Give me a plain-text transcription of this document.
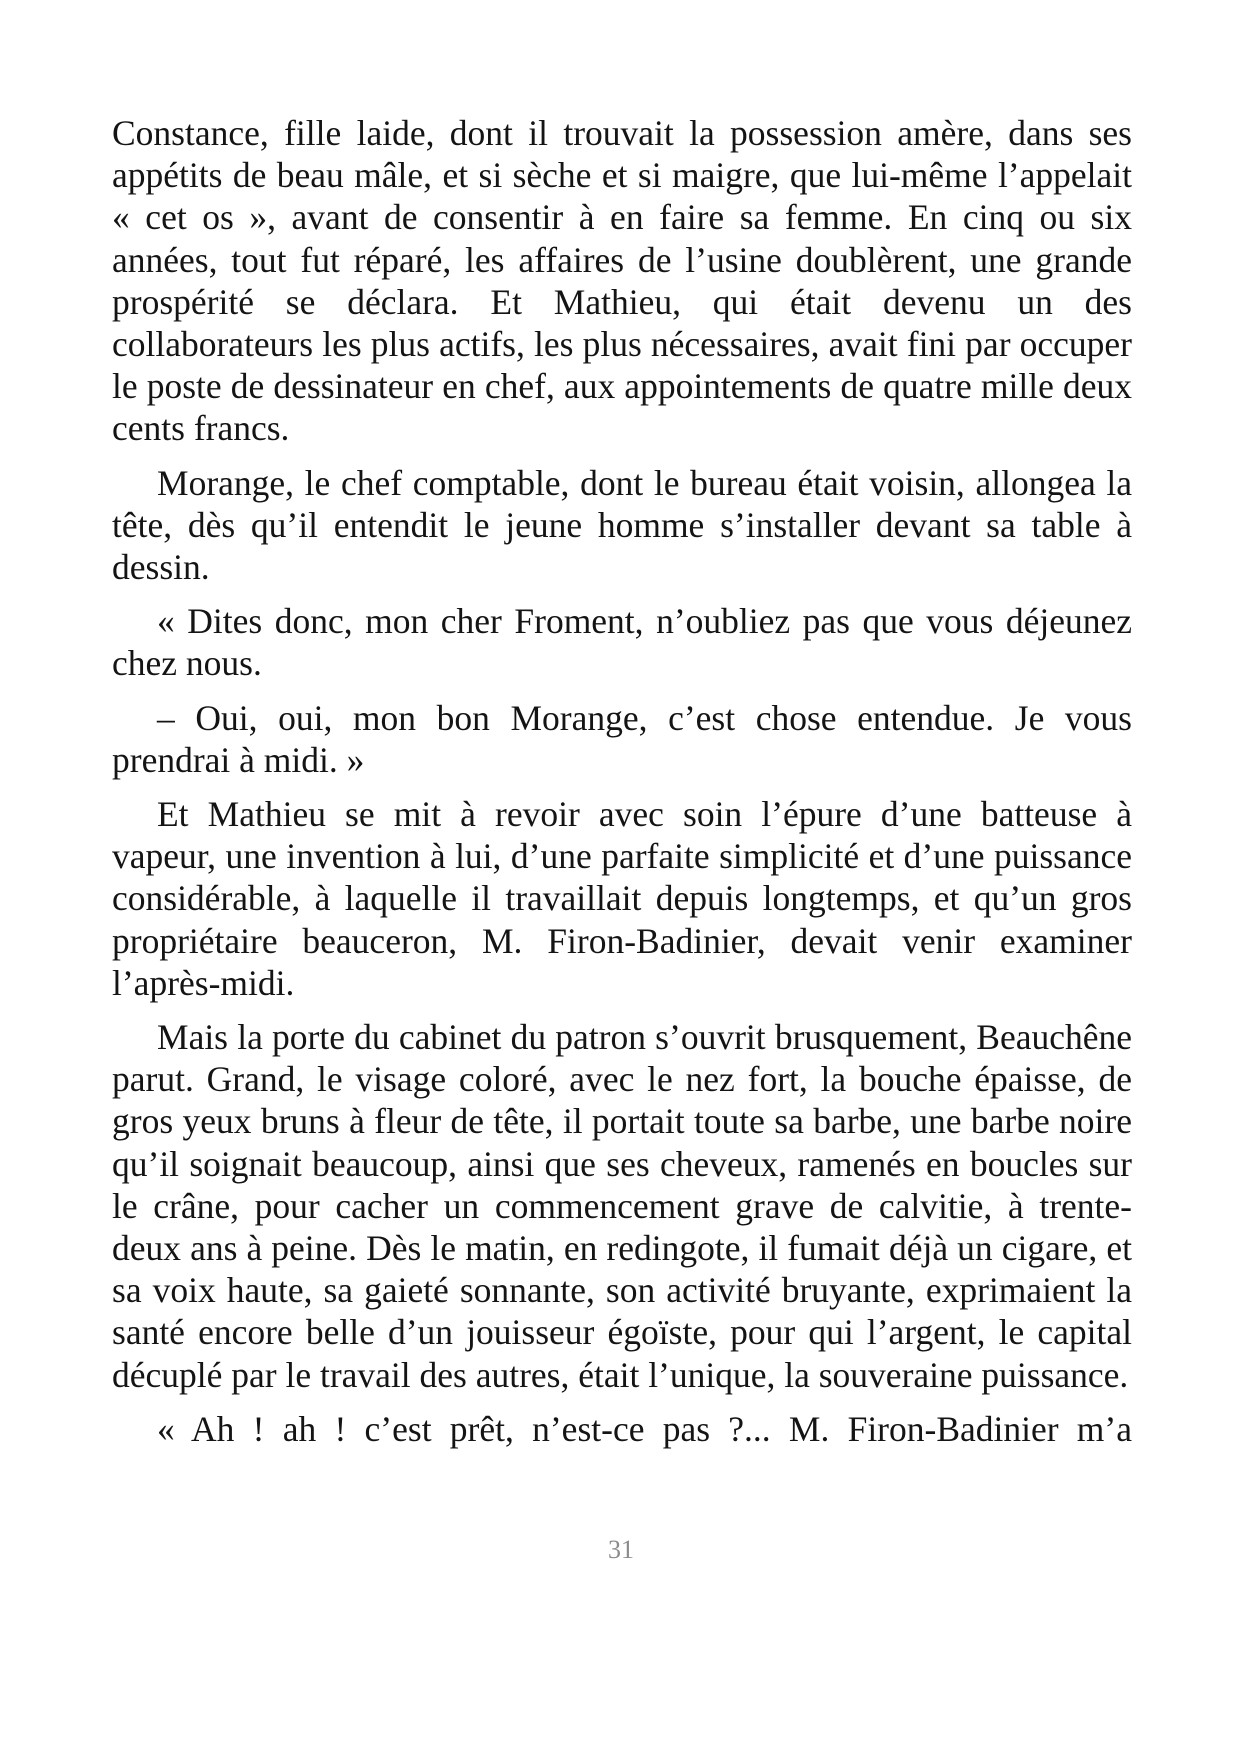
Constance, fille laide, dont il trouvait la possession amère, dans ses appétits de beau mâle, et si sèche et si maigre, que lui-même l’appelait « cet os », avant de consentir à en faire sa femme. En cinq ou six années, tout fut réparé, les affaires de l’usine doublèrent, une grande prospérité se déclara. Et Mathieu, qui était devenu un des collaborateurs les plus actifs, les plus nécessaires, avait fini par occuper le poste de dessinateur en chef, aux appointements de quatre mille deux cents francs.

Morange, le chef comptable, dont le bureau était voisin, allongea la tête, dès qu’il entendit le jeune homme s’installer devant sa table à dessin.

« Dites donc, mon cher Froment, n’oubliez pas que vous déjeunez chez nous.

– Oui, oui, mon bon Morange, c’est chose entendue. Je vous prendrai à midi. »

Et Mathieu se mit à revoir avec soin l’épure d’une batteuse à vapeur, une invention à lui, d’une parfaite simplicité et d’une puissance considérable, à laquelle il travaillait depuis longtemps, et qu’un gros propriétaire beauceron, M. Firon-Badinier, devait venir examiner l’après-midi.

Mais la porte du cabinet du patron s’ouvrit brusquement, Beauchêne parut. Grand, le visage coloré, avec le nez fort, la bouche épaisse, de gros yeux bruns à fleur de tête, il portait toute sa barbe, une barbe noire qu’il soignait beaucoup, ainsi que ses cheveux, ramenés en boucles sur le crâne, pour cacher un commencement grave de calvitie, à trente-deux ans à peine. Dès le matin, en redingote, il fumait déjà un cigare, et sa voix haute, sa gaieté sonnante, son activité bruyante, exprimaient la santé encore belle d’un jouisseur égoïste, pour qui l’argent, le capital décuplé par le travail des autres, était l’unique, la souveraine puissance.

« Ah ! ah ! c’est prêt, n’est-ce pas ?... M. Firon-Badinier m’a

31
